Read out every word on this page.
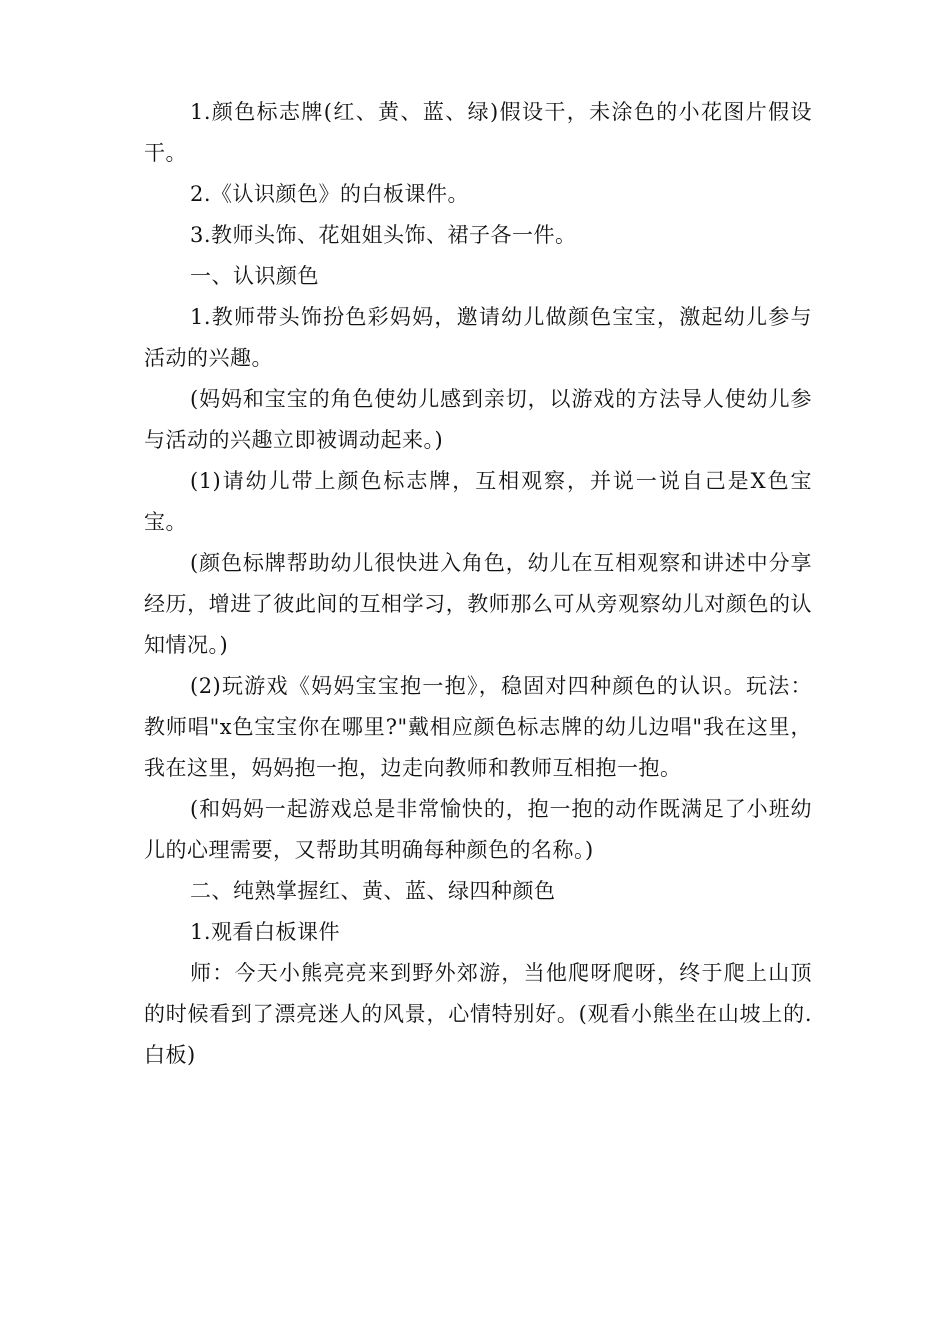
1.颜色标志牌(红、黄、蓝、绿)假设干，未涂色的小花图片假设干。

2.《认识颜色》的白板课件。

3.教师头饰、花姐姐头饰、裙子各一件。

一、认识颜色

1.教师带头饰扮色彩妈妈，邀请幼儿做颜色宝宝，激起幼儿参与活动的兴趣。

(妈妈和宝宝的角色使幼儿感到亲切，以游戏的方法导人使幼儿参与活动的兴趣立即被调动起来。)

(1)请幼儿带上颜色标志牌，互相观察，并说一说自己是X色宝宝。

(颜色标牌帮助幼儿很快进入角色，幼儿在互相观察和讲述中分享经历，增进了彼此间的互相学习，教师那么可从旁观察幼儿对颜色的认知情况。)

(2)玩游戏《妈妈宝宝抱一抱》，稳固对四种颜色的认识。玩法：教师唱"x色宝宝你在哪里?"戴相应颜色标志牌的幼儿边唱"我在这里，我在这里，妈妈抱一抱，边走向教师和教师互相抱一抱。

(和妈妈一起游戏总是非常愉快的，抱一抱的动作既满足了小班幼儿的心理需要，又帮助其明确每种颜色的名称。)

二、纯熟掌握红、黄、蓝、绿四种颜色

1.观看白板课件

师：今天小熊亮亮来到野外郊游，当他爬呀爬呀，终于爬上山顶的时候看到了漂亮迷人的风景，心情特别好。(观看小熊坐在山坡上的.白板)
